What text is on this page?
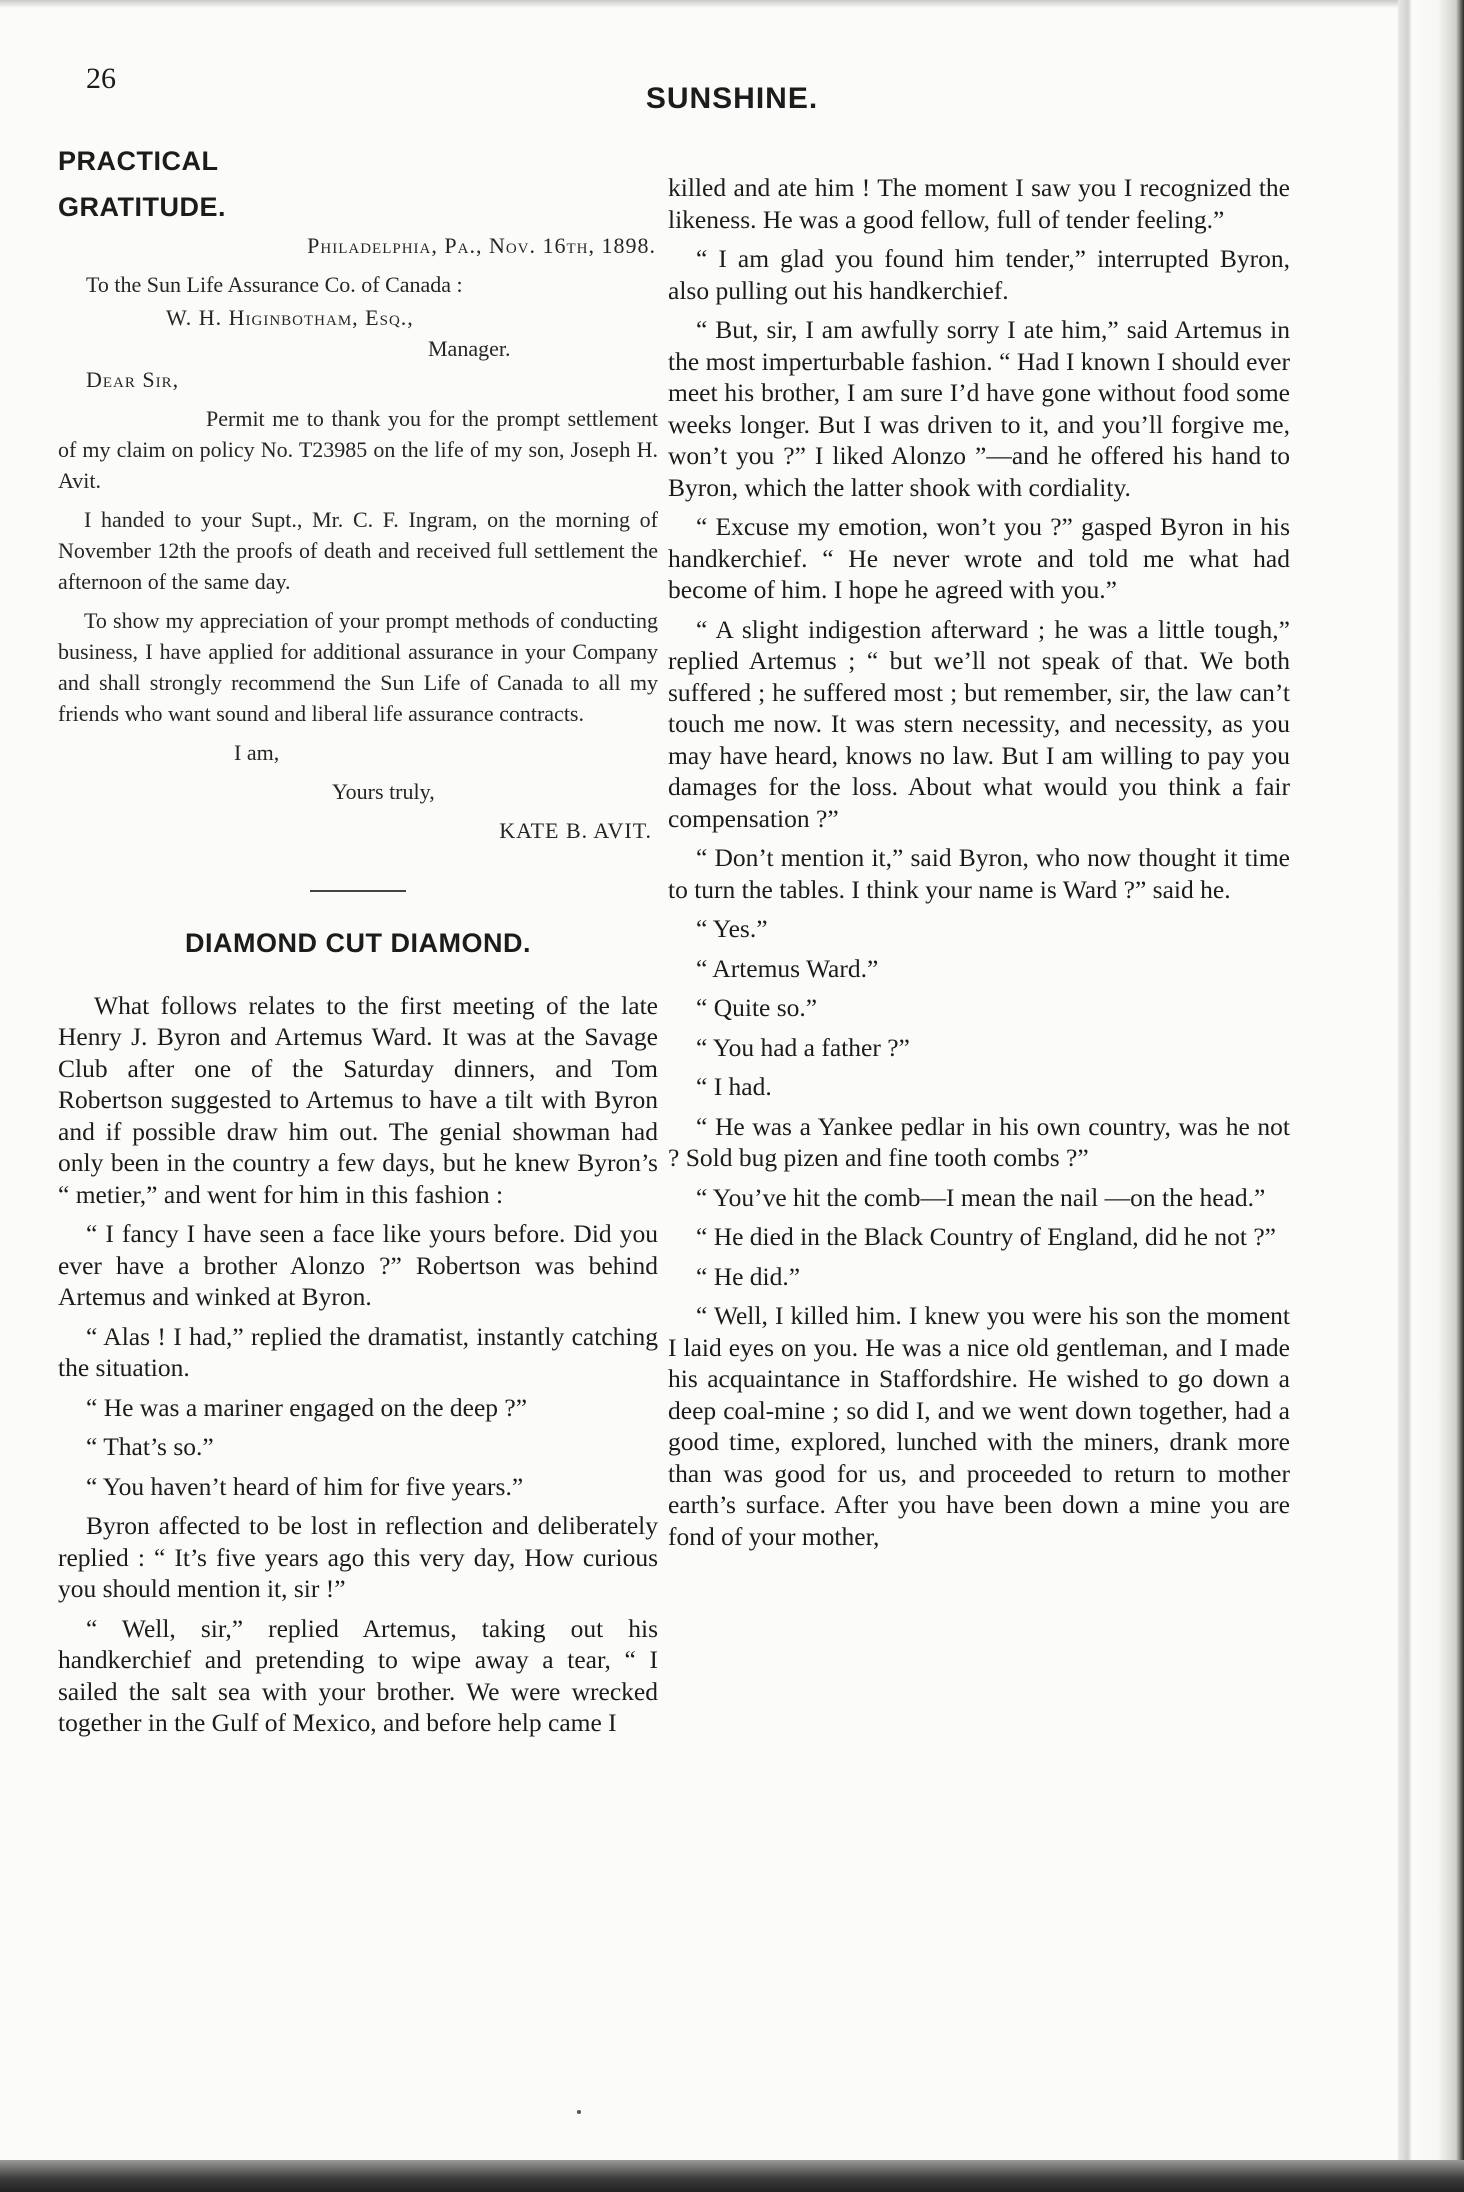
26
SUNSHINE.
PRACTICAL
GRATITUDE.

Philadelphia, Pa., Nov. 16th, 1898.

To the Sun Life Assurance Co. of Canada :

W. H. Higinbotham, Esq.,

Manager.

Dear Sir,

Permit me to thank you for the prompt settlement of my claim on policy No. T23985 on the life of my son, Joseph H. Avit.

I handed to your Supt., Mr. C. F. Ingram, on the morning of November 12th the proofs of death and received full settlement the afternoon of the same day.

To show my appreciation of your prompt methods of conducting business, I have applied for additional assurance in your Company and shall strongly recommend the Sun Life of Canada to all my friends who want sound and liberal life assurance contracts.

I am,

Yours truly,

KATE B. AVIT.

DIAMOND CUT DIAMOND.

What follows relates to the first meeting of the late Henry J. Byron and Artemus Ward. It was at the Savage Club after one of the Saturday dinners, and Tom Robertson suggested to Artemus to have a tilt with Byron and if possible draw him out. The genial showman had only been in the country a few days, but he knew Byron’s “ metier,” and went for him in this fashion :

“ I fancy I have seen a face like yours before. Did you ever have a brother Alonzo ?” Robertson was behind Artemus and winked at Byron.

“ Alas ! I had,” replied the dramatist, instantly catching the situation.

“ He was a mariner engaged on the deep ?”

“ That’s so.”

“ You haven’t heard of him for five years.”

Byron affected to be lost in reflection and deliberately replied : “ It’s five years ago this very day, How curious you should mention it, sir !”

“ Well, sir,” replied Artemus, taking out his handkerchief and pretending to wipe away a tear, “ I sailed the salt sea with your brother. We were wrecked together in the Gulf of Mexico, and before help came I

killed and ate him ! The moment I saw you I recognized the likeness. He was a good fellow, full of tender feeling.”

“ I am glad you found him tender,” interrupted Byron, also pulling out his handkerchief.

“ But, sir, I am awfully sorry I ate him,” said Artemus in the most imperturbable fashion. “ Had I known I should ever meet his brother, I am sure I’d have gone without food some weeks longer. But I was driven to it, and you’ll forgive me, won’t you ?” I liked Alonzo ”—and he offered his hand to Byron, which the latter shook with cordiality.

“ Excuse my emotion, won’t you ?” gasped Byron in his handkerchief. “ He never wrote and told me what had become of him. I hope he agreed with you.”

“ A slight indigestion afterward ; he was a little tough,” replied Artemus ; “ but we’ll not speak of that. We both suffered ; he suffered most ; but remember, sir, the law can’t touch me now. It was stern necessity, and necessity, as you may have heard, knows no law. But I am willing to pay you damages for the loss. About what would you think a fair compensation ?”

“ Don’t mention it,” said Byron, who now thought it time to turn the tables. I think your name is Ward ?” said he.

“ Yes.”

“ Artemus Ward.”

“ Quite so.”

“ You had a father ?”

“ I had.

“ He was a Yankee pedlar in his own country, was he not ? Sold bug pizen and fine tooth combs ?”

“ You’ve hit the comb—I mean the nail —on the head.”

“ He died in the Black Country of England, did he not ?”

“ He did.”

“ Well, I killed him. I knew you were his son the moment I laid eyes on you. He was a nice old gentleman, and I made his acquaintance in Staffordshire. He wished to go down a deep coal-mine ; so did I, and we went down together, had a good time, explored, lunched with the miners, drank more than was good for us, and proceeded to return to mother earth’s surface. After you have been down a mine you are fond of your mother,
